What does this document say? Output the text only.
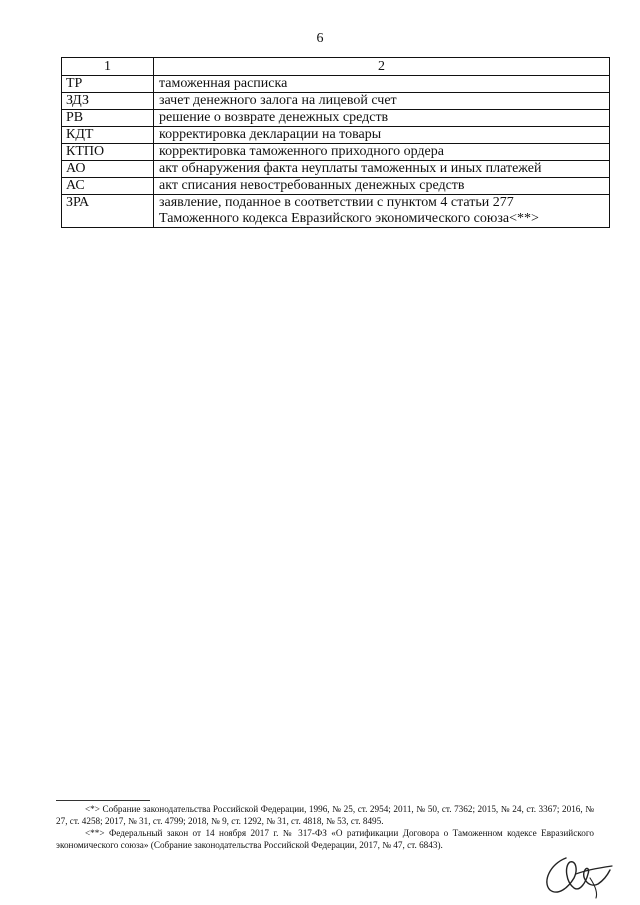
6
1	2
ТР	таможенная расписка
ЗДЗ	зачет денежного залога на лицевой счет
РВ	решение о возврате денежных средств
КДТ	корректировка декларации на товары
КТПО	корректировка таможенного приходного ордера
АО	акт обнаружения факта неуплаты таможенных и иных платежей
АС	акт списания невостребованных денежных средств
ЗРА	заявление, поданное в соответствии с пунктом 4 статьи 277
Таможенного кодекса Евразийского экономического союза<**>

<*> Собрание законодательства Российской Федерации, 1996, № 25, ст. 2954; 2011, № 50, ст. 7362; 2015, № 24, ст. 3367; 2016, № 27, ст. 4258; 2017, № 31, ст. 4799; 2018, № 9, ст. 1292, № 31, ст. 4818, № 53, ст. 8495.

<**> Федеральный закон от 14 ноября 2017 г. № 317-ФЗ «О ратификации Договора о Таможенном кодексе Евразийского экономического союза» (Собрание законодательства Российской Федерации, 2017, № 47, ст. 6843).
